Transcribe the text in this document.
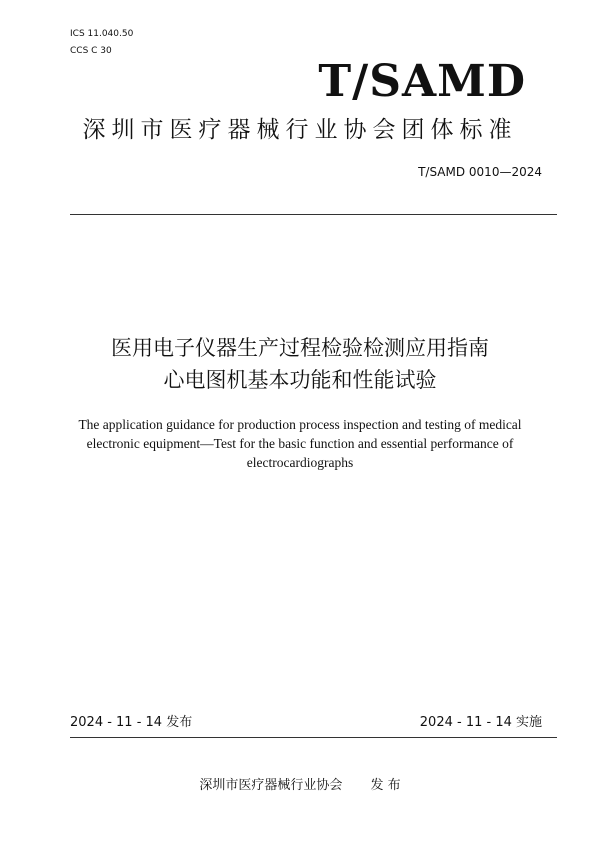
ICS 11.040.50
CCS C 30
T/SAMD
深圳市医疗器械行业协会团体标准
T/SAMD 0010—2024
医用电子仪器生产过程检验检测应用指南
心电图机基本功能和性能试验
The application guidance for production process inspection and testing of medical electronic equipment—Test for the basic function and essential performance of electrocardiographs
2024 - 11 - 14 发布	2024 - 11 - 14 实施
深圳市医疗器械行业协会 发 布
